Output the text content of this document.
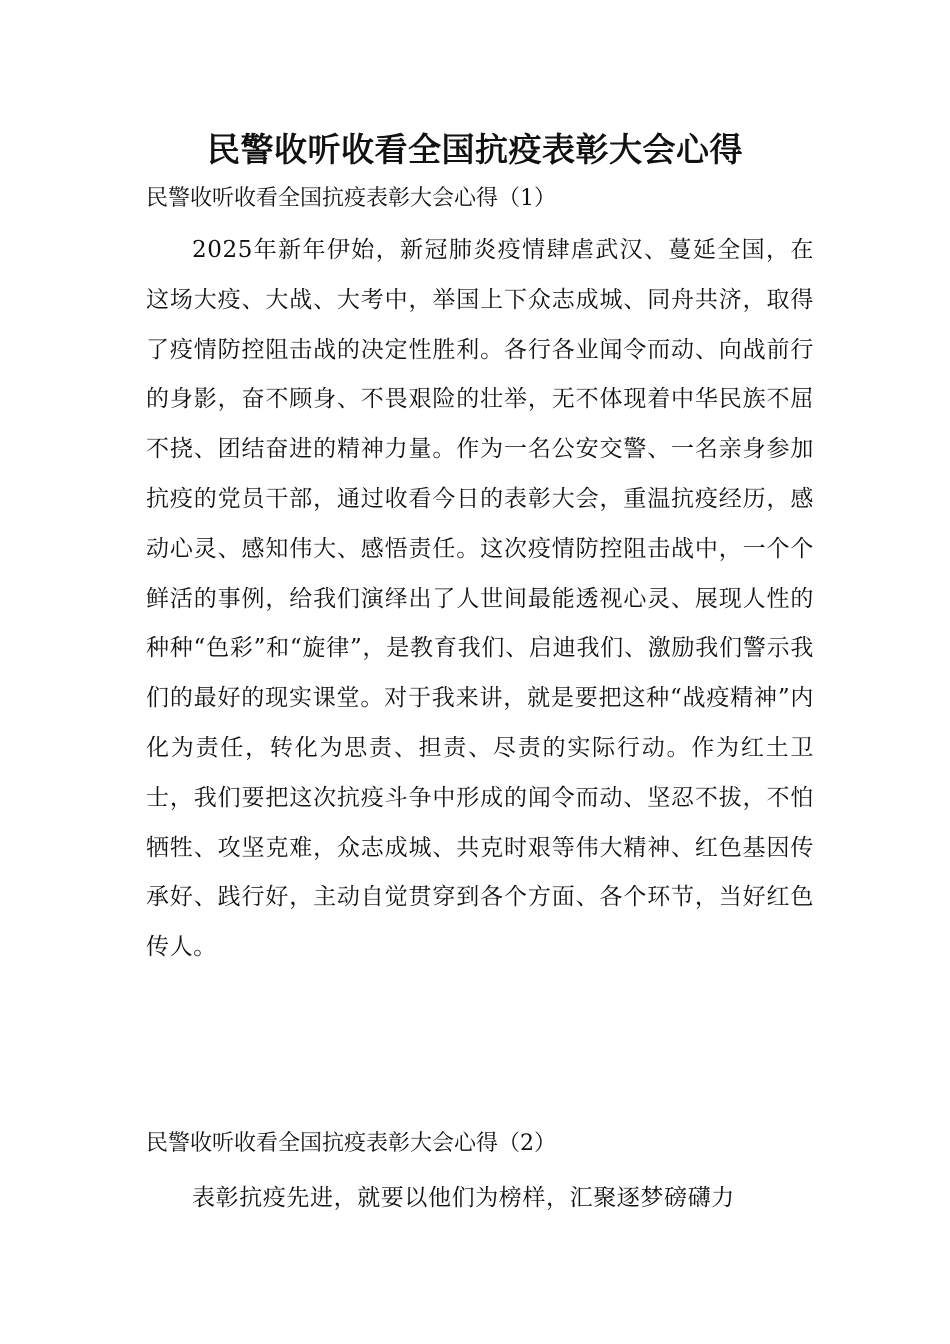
民警收听收看全国抗疫表彰大会心得
民警收听收看全国抗疫表彰大会心得（1）

2025年新年伊始，新冠肺炎疫情肆虐武汉、蔓延全国，在这场大疫、大战、大考中，举国上下众志成城、同舟共济，取得了疫情防控阻击战的决定性胜利。各行各业闻令而动、向战前行的身影，奋不顾身、不畏艰险的壮举，无不体现着中华民族不屈不挠、团结奋进的精神力量。作为一名公安交警、一名亲身参加抗疫的党员干部，通过收看今日的表彰大会，重温抗疫经历，感动心灵、感知伟大、感悟责任。这次疫情防控阻击战中，一个个鲜活的事例，给我们演绎出了人世间最能透视心灵、展现人性的种种“色彩”和“旋律”，是教育我们、启迪我们、激励我们警示我们的最好的现实课堂。对于我来讲，就是要把这种“战疫精神”内化为责任，转化为思责、担责、尽责的实际行动。作为红土卫士，我们要把这次抗疫斗争中形成的闻令而动、坚忍不拔，不怕牺牲、攻坚克难，众志成城、共克时艰等伟大精神、红色基因传承好、践行好，主动自觉贯穿到各个方面、各个环节，当好红色传人。

民警收听收看全国抗疫表彰大会心得（2）

表彰抗疫先进，就要以他们为榜样，汇聚逐梦磅礴力
